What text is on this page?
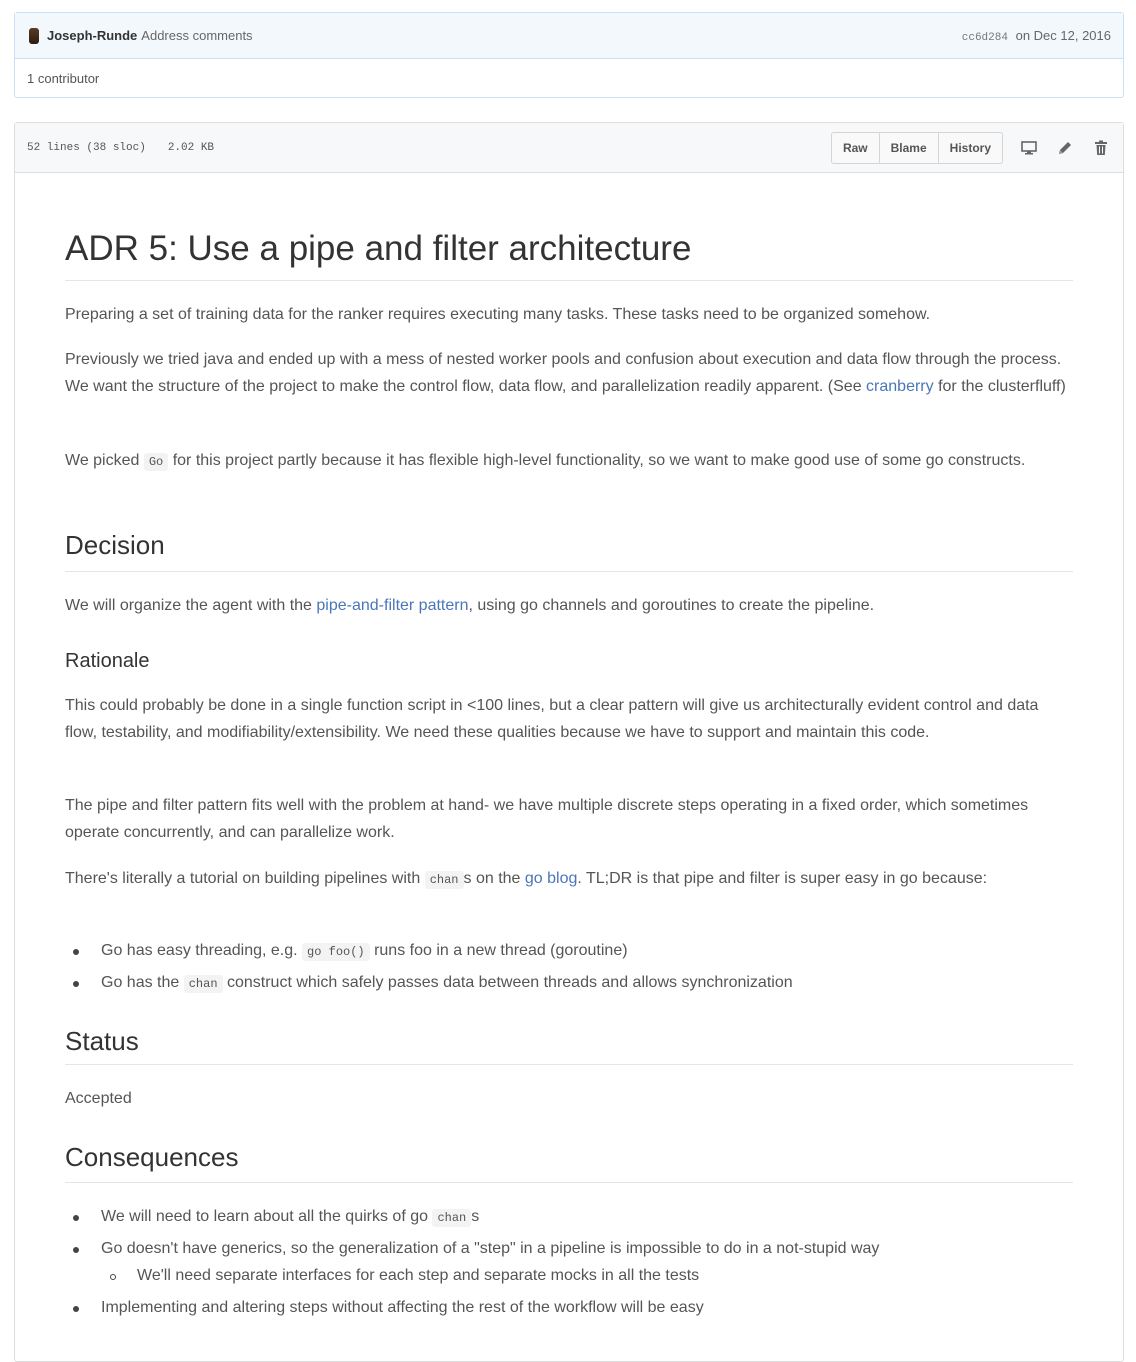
Joseph-Runde Address comments	cc6d284 on Dec 12, 2016
1 contributor
52 lines (38 sloc) 2.02 KB	Raw	Blame	History
ADR 5: Use a pipe and filter architecture

Preparing a set of training data for the ranker requires executing many tasks. These tasks need to be organized somehow.

Previously we tried java and ended up with a mess of nested worker pools and confusion about execution and data flow through the process. We want the structure of the project to make the control flow, data flow, and parallelization readily apparent. (See cranberry for the clusterfluff)

We picked Go for this project partly because it has flexible high-level functionality, so we want to make good use of some go constructs.

Decision

We will organize the agent with the pipe-and-filter pattern, using go channels and goroutines to create the pipeline.

Rationale

This could probably be done in a single function script in <100 lines, but a clear pattern will give us architecturally evident control and data flow, testability, and modifiability/extensibility. We need these qualities because we have to support and maintain this code.

The pipe and filter pattern fits well with the problem at hand- we have multiple discrete steps operating in a fixed order, which sometimes operate concurrently, and can parallelize work.

There's literally a tutorial on building pipelines with chan s on the go blog. TL;DR is that pipe and filter is super easy in go because:

Go has easy threading, e.g. go foo() runs foo in a new thread (goroutine)
Go has the chan construct which safely passes data between threads and allows synchronization
Status

Accepted

Consequences
We will need to learn about all the quirks of go chan s
Go doesn't have generics, so the generalization of a "step" in a pipeline is impossible to do in a not-stupid way
We'll need separate interfaces for each step and separate mocks in all the tests
Implementing and altering steps without affecting the rest of the workflow will be easy
